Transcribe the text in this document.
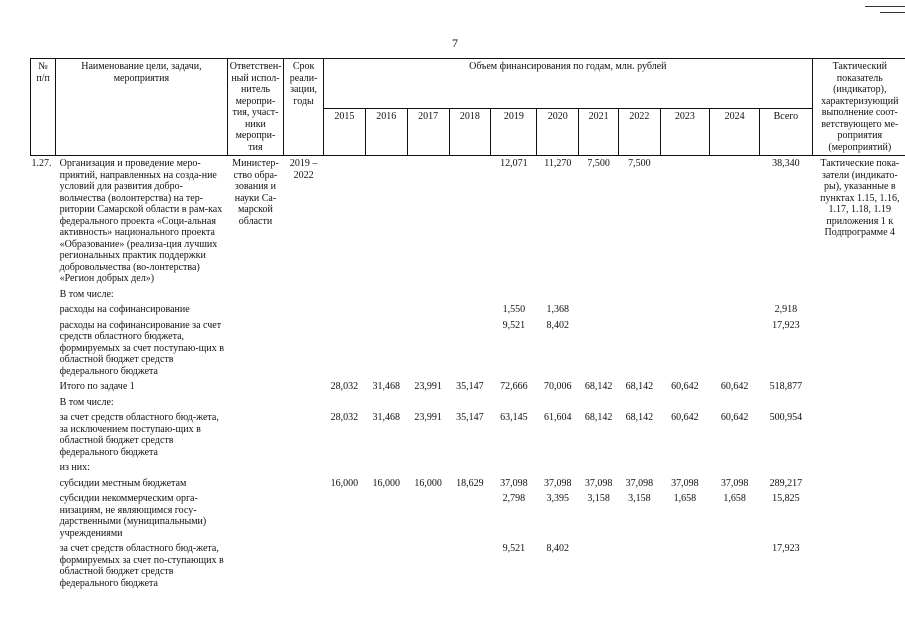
7
№ п/п	Наименование цели, задачи, мероприятия	Ответствен-ный испол-нитель меропри-тия, участ-ники меропри-тия	Срок реали-зации, годы	Объем финансирования по годам, млн. рублей											Тактический показатель (индикатор), характеризующий выполнение соот-ветствующего ме-роприятия (мероприятий)
				2015	2016	2017	2018	2019	2020	2021	2022	2023	2024	Всего	
1.27.	Организация и проведение меро-приятий, направленных на созда-ние условий для развития добро-вольчества (волонтерства) на тер-ритории Самарской области в рам-ках федерального проекта «Соци-альная активность» национального проекта «Образование» (реализа-ция лучших региональных практик поддержки добровольчества (во-лонтерства) «Регион добрых дел»)	Министер-ство обра-зования и науки Са-марской области	2019 – 2022					12,071	11,270	7,500	7,500			38,340	Тактические пока-затели (индикато-ры), указанные в пунктах 1.15, 1.16, 1.17, 1.18, 1.19 приложения 1 к Подпрограмме 4
	В том числе:														
	расходы на софинансирование							1,550	1,368					2,918	
	расходы на софинансирование за счет средств областного бюджета, формируемых за счет поступаю-щих в областной бюджет средств федерального бюджета							9,521	8,402					17,923	
	Итого по задаче 1			28,032	31,468	23,991	35,147	72,666	70,006	68,142	68,142	60,642	60,642	518,877	
	В том числе:														
	за счет средств областного бюд-жета, за исключением поступаю-щих в областной бюджет средств федерального бюджета			28,032	31,468	23,991	35,147	63,145	61,604	68,142	68,142	60,642	60,642	500,954	
	из них:														
	субсидии местным бюджетам			16,000	16,000	16,000	18,629	37,098	37,098	37,098	37,098	37,098	37,098	289,217	
	субсидии некоммерческим орга-низациям, не являющимся госу-дарственными (муниципальными) учреждениями							2,798	3,395	3,158	3,158	1,658	1,658	15,825	
	за счет средств областного бюд-жета, формируемых за счет по-ступающих в областной бюджет средств федерального бюджета							9,521	8,402					17,923	
